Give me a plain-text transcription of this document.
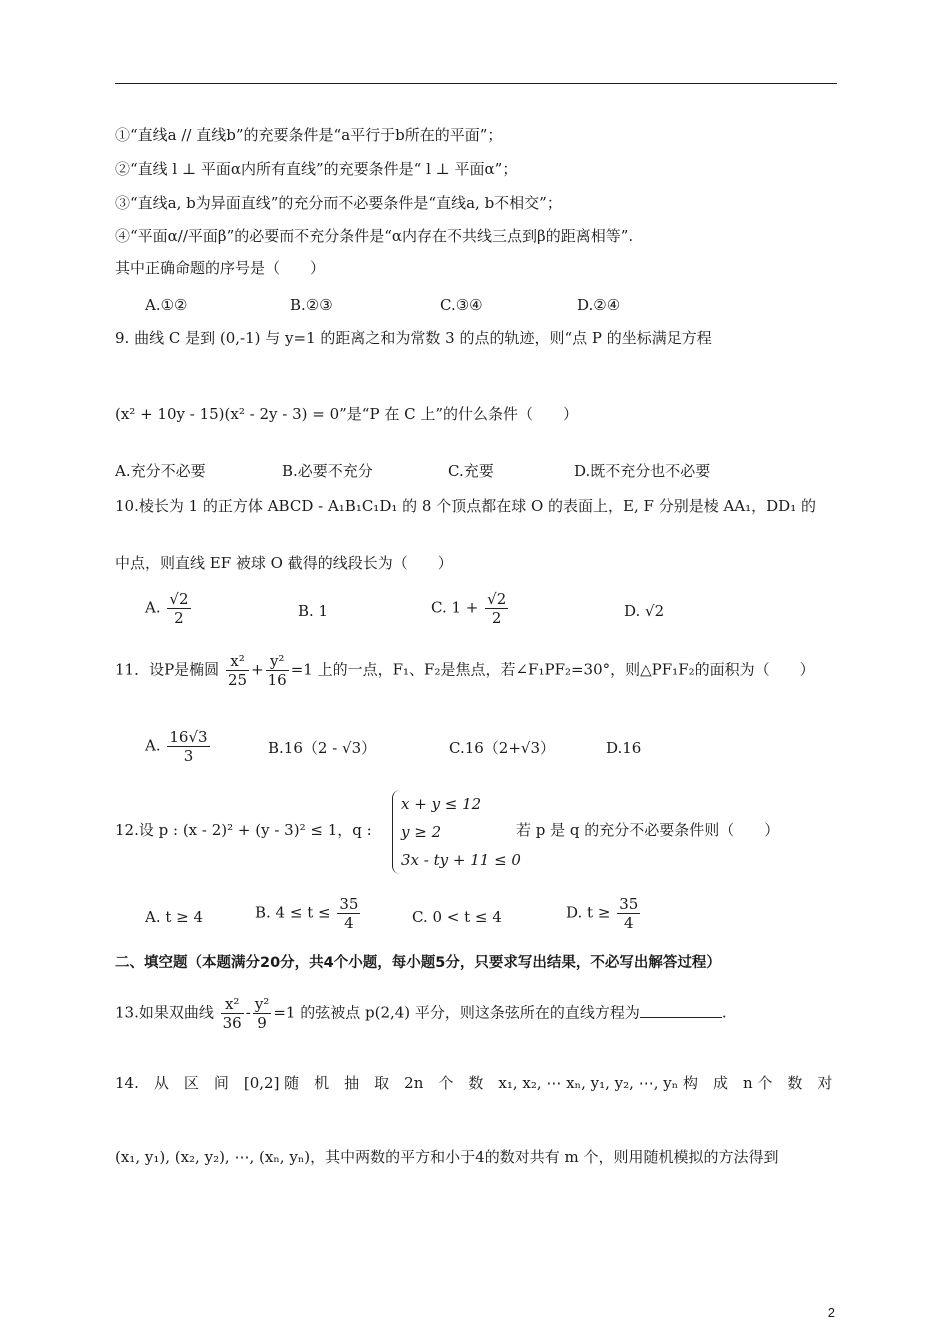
①“直线a // 直线b”的充要条件是“a平行于b所在的平面”；
②“直线 l ⊥ 平面α内所有直线”的充要条件是“ l ⊥ 平面α”；
③“直线a, b为异面直线”的充分而不必要条件是“直线a, b不相交”；
④“平面α//平面β”的必要而不充分条件是“α内存在不共线三点到β的距离相等”.
其中正确命题的序号是（　　）
A.①②	B.②③	C.③④	D.②④
9. 曲线 C 是到 (0,-1) 与 y=1 的距离之和为常数 3 的点的轨迹，则“点 P 的坐标满足方程
(x² + 10y - 15)(x² - 2y - 3) = 0”是“P 在 C 上”的什么条件（　　）
A.充分不必要	B.必要不充分	C.充要	D.既不充分也不必要
10.棱长为 1 的正方体 ABCD - A₁B₁C₁D₁ 的 8 个顶点都在球 O 的表面上，E, F 分别是棱 AA₁，DD₁ 的
中点，则直线 EF 被球 O 截得的线段长为（　　）
A. $\frac{√2}{2}$	B. 1	C. $1 + \frac{√2}{2}$	D. √2
11．设P是椭圆 $\frac{\text{x²}}{25} + \frac{\text{y²}}{16} =1$ 上的一点，F₁、F₂是焦点，若∠F₁PF₂=30°，则△PF₁F₂的面积为（　　）
A. $\frac{16√3}{3}$	B.16（2 - √3）	C.16（2+√3）	D.16
12.设 p : (x - 2)² + (y - 3)² ≤ 1，q :
x + y ≤ 12
y ≥ 2
3x - ty + 11 ≤ 0
若 p 是 q 的充分不必要条件则（　　）
A. t ≥ 4	B. $4 \le t \le \frac{35}{4}$	C. 0 < t ≤ 4	D. $t \ge \frac{35}{4}$
二、填空题（本题满分20分，共4个小题，每小题5分，只要求写出结果，不必写出解答过程）
13.如果双曲线 $\frac{\text{x²}}{36} - \frac{\text{y²}}{9} =1$ 的弦被点 p(2,4) 平分，则这条弦所在的直线方程为	.
14.　从　区　间　[0,2] 随　机　抽　取　2n　个　数　x₁, x₂, ⋯ xₙ, y₁, y₂, ⋯, yₙ 构　成　n 个　数　对
(x₁, y₁), (x₂, y₂), ⋯, (xₙ, yₙ)，其中两数的平方和小于4的数对共有 m 个，则用随机模拟的方法得到
2
